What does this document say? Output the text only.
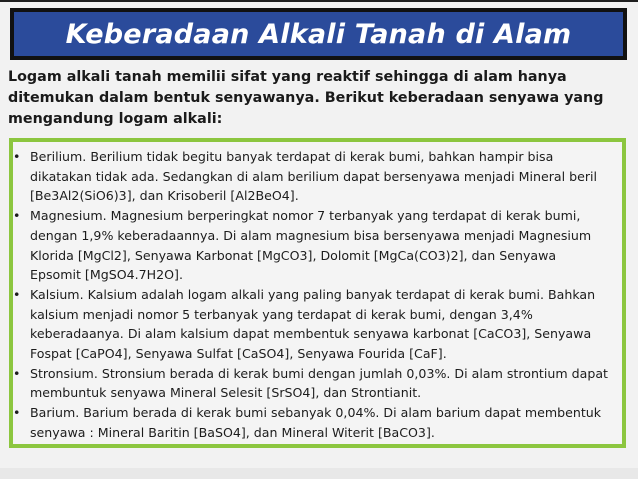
Keberadaan Alkali Tanah di Alam
Logam alkali tanah memilii sifat yang reaktif sehingga di alam hanya ditemukan dalam bentuk senyawanya. Berikut keberadaan senyawa yang mengandung logam alkali:
• Berilium. Berilium tidak begitu banyak terdapat di kerak bumi, bahkan hampir bisa dikatakan tidak ada. Sedangkan di alam berilium dapat bersenyawa menjadi Mineral beril [Be3Al2(SiO6)3], dan Krisoberil [Al2BeO4].
• Magnesium. Magnesium berperingkat nomor 7 terbanyak yang terdapat di kerak bumi, dengan 1,9% keberadaannya. Di alam magnesium bisa bersenyawa menjadi Magnesium Klorida [MgCl2], Senyawa Karbonat [MgCO3], Dolomit [MgCa(CO3)2], dan Senyawa Epsomit [MgSO4.7H2O].
• Kalsium. Kalsium adalah logam alkali yang paling banyak terdapat di kerak bumi. Bahkan kalsium menjadi nomor 5 terbanyak yang terdapat di kerak bumi, dengan 3,4% keberadaanya. Di alam kalsium dapat membentuk senyawa karbonat [CaCO3], Senyawa Fospat [CaPO4], Senyawa Sulfat [CaSO4], Senyawa Fourida [CaF].
• Stronsium. Stronsium berada di kerak bumi dengan jumlah 0,03%. Di alam strontium dapat membuntuk senyawa Mineral Selesit [SrSO4], dan Strontianit.
• Barium. Barium berada di kerak bumi sebanyak 0,04%. Di alam barium dapat membentuk senyawa : Mineral Baritin [BaSO4], dan Mineral Witerit [BaCO3].
